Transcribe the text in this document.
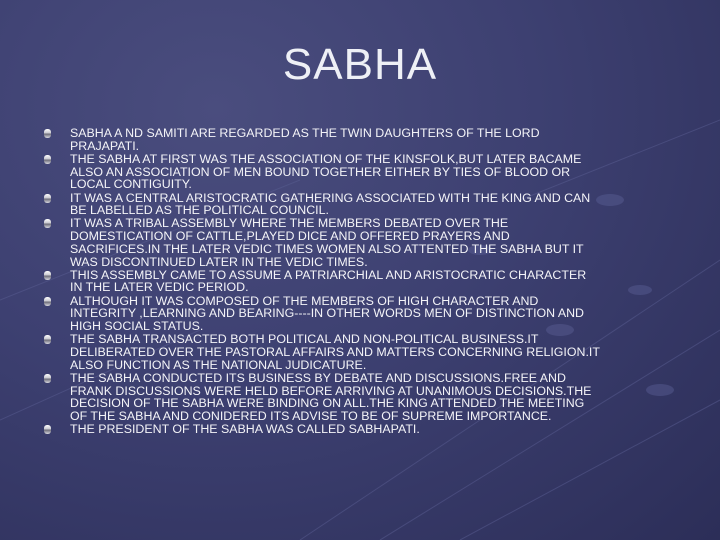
SABHA
SABHA A ND SAMITI ARE REGARDED AS THE TWIN DAUGHTERS OF THE LORD
PRAJAPATI.
THE SABHA AT FIRST WAS THE ASSOCIATION OF THE KINSFOLK,BUT LATER BACAME
ALSO AN ASSOCIATION OF MEN BOUND TOGETHER EITHER BY TIES OF BLOOD OR
LOCAL CONTIGUITY.
IT WAS A CENTRAL ARISTOCRATIC GATHERING ASSOCIATED WITH THE KING AND CAN
BE LABELLED AS THE POLITICAL COUNCIL.
IT WAS A TRIBAL ASSEMBLY WHERE THE MEMBERS DEBATED OVER THE
DOMESTICATION OF CATTLE,PLAYED DICE AND OFFERED PRAYERS AND
SACRIFICES.IN THE LATER VEDIC TIMES WOMEN ALSO ATTENTED THE SABHA BUT IT
WAS DISCONTINUED LATER IN THE VEDIC TIMES.
THIS ASSEMBLY CAME TO ASSUME A PATRIARCHIAL AND ARISTOCRATIC CHARACTER
IN THE LATER VEDIC PERIOD.
ALTHOUGH IT WAS COMPOSED OF THE MEMBERS OF HIGH CHARACTER AND
INTEGRITY ,LEARNING AND BEARING----IN OTHER WORDS MEN OF DISTINCTION AND
HIGH SOCIAL STATUS.
THE SABHA TRANSACTED BOTH POLITICAL AND NON-POLITICAL BUSINESS.IT
DELIBERATED OVER THE PASTORAL AFFAIRS AND MATTERS CONCERNING RELIGION.IT
ALSO FUNCTION AS THE NATIONAL JUDICATURE.
THE SABHA CONDUCTED ITS BUSINESS BY DEBATE AND DISCUSSIONS.FREE AND
FRANK DISCUSSIONS WERE HELD BEFORE ARRIVING AT UNANIMOUS DECISIONS.THE
DECISION OF THE SABHA WERE BINDING ON ALL.THE KING ATTENDED THE MEETING
OF THE SABHA AND CONIDERED ITS ADVISE TO BE OF SUPREME IMPORTANCE.
THE PRESIDENT OF THE SABHA WAS CALLED SABHAPATI.
